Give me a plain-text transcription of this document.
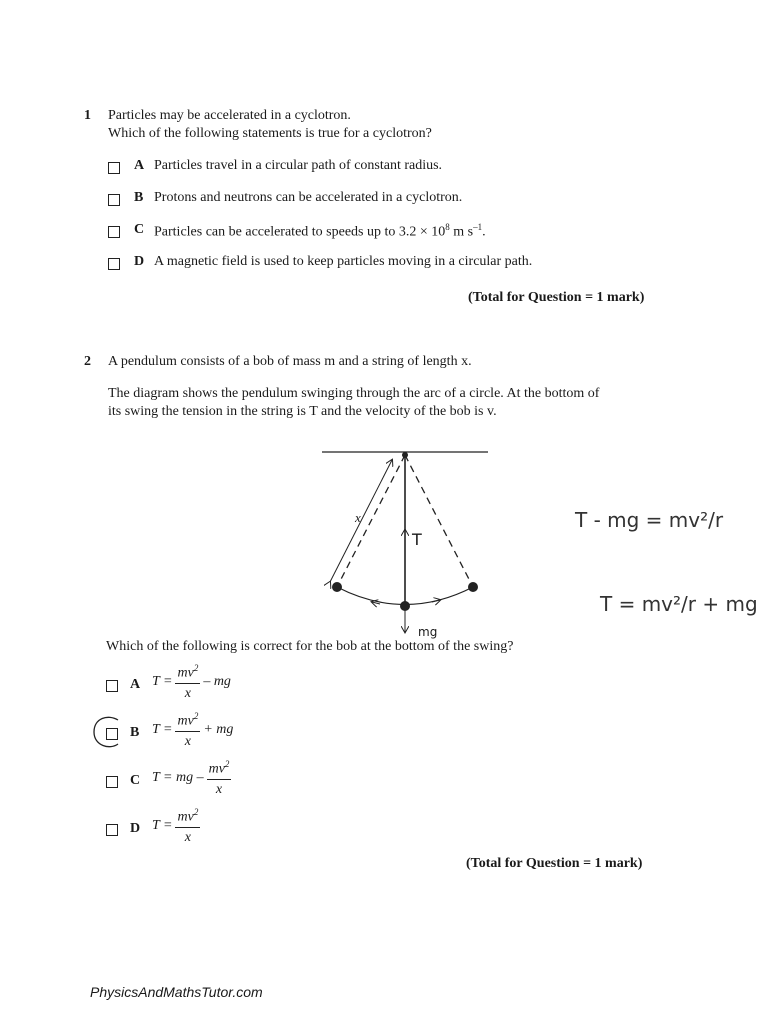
1 Particles may be accelerated in a cyclotron.
Which of the following statements is true for a cyclotron?
A Particles travel in a circular path of constant radius.
B Protons and neutrons can be accelerated in a cyclotron.
C Particles can be accelerated to speeds up to $3.2 \times 10^8$ m $s^{-1}$.
D A magnetic field is used to keep particles moving in a circular path.
(Total for Question = 1 mark)
2 A pendulum consists of a bob of mass m and a string of length x.
The diagram shows the pendulum swinging through the arc of a circle. At the bottom of
its swing the tension in the string is T and the velocity of the bob is v.
x
T
mg
T - mg = mv²/r
T = mv²/r + mg
Which of the following is correct for the bob at the bottom of the swing?
A $T = \frac{mv^2}{x}$ – mg
B $T = \frac{mv^2}{x}$ + mg
C T = mg – $\frac{mv^2}{x}$
D $T = \frac{mv^2}{x}$
(Total for Question = 1 mark)
PhysicsAndMathsTutor.com
